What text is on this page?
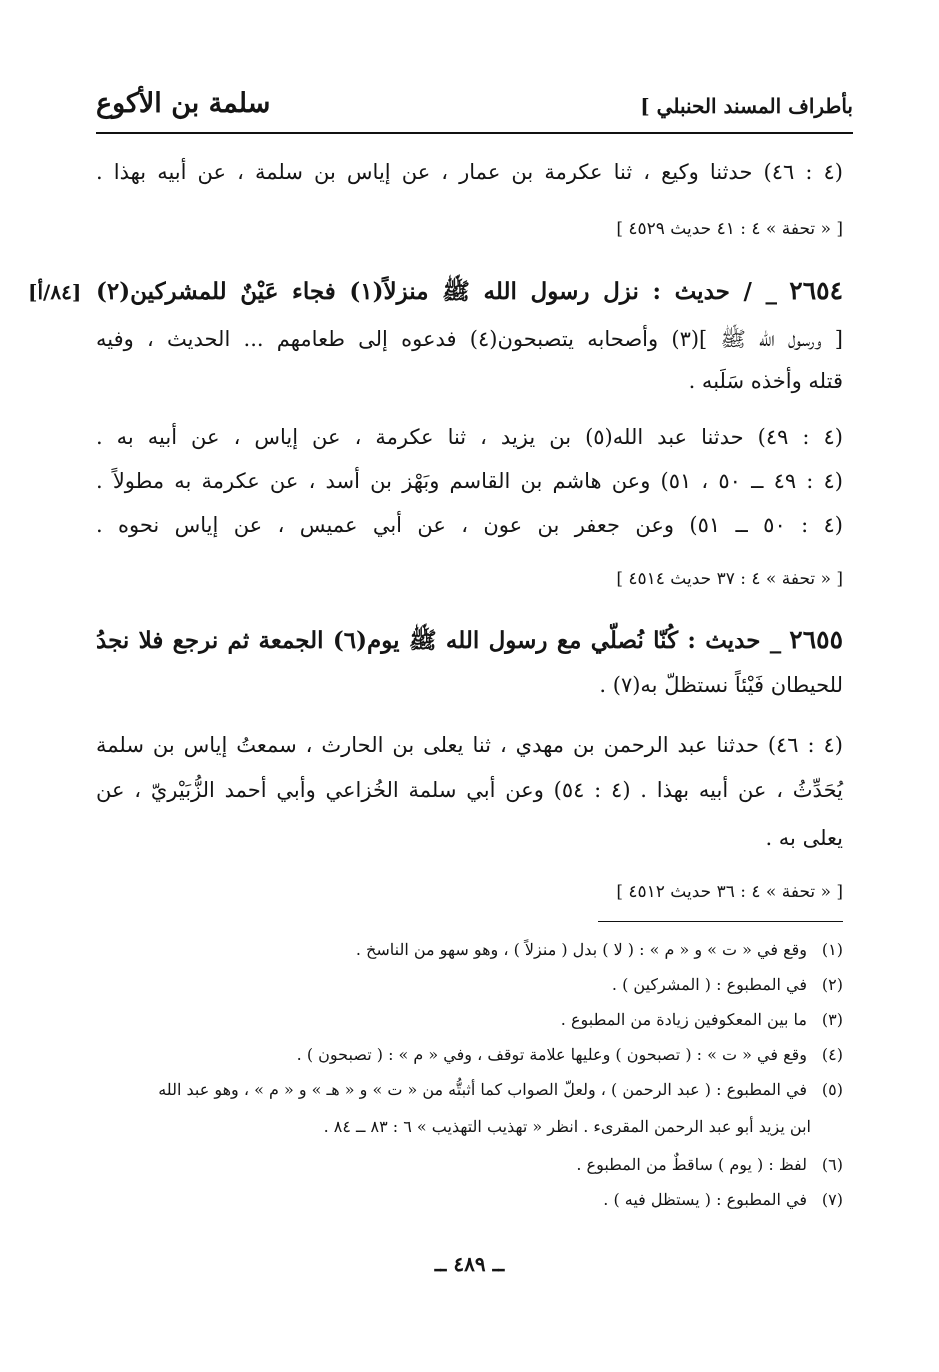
بأطراف المسند الحنبلي ]
سلمة بن الأكوع
(٤ : ٤٦) حدثنا وكيع ، ثنا عكرمة بن عمار ، عن إياس بن سلمة ، عن أبيه بهذا .
[ « تحفة » ٤ : ٤١ حديث ٤٥٢٩ ]
٢٦٥٤ _ / حديث : نزل رسول الله ﷺ منزلاً(١) فجاء عَيْنٌ للمشركين(٢)
[٨٤/أ]
[ ورسول الله ﷺ ](٣) وأصحابه يتصبحون(٤) فدعوه إلى طعامهم ... الحديث ، وفيه
قتله وأخذه سَلَبه .
(٤ : ٤٩) حدثنا عبد الله(٥) بن يزيد ، ثنا عكرمة ، عن إياس ، عن أبيه به .
(٤ : ٤٩ ــ ٥٠ ، ٥١) وعن هاشم بن القاسم وبَهْز بن أسد ، عن عكرمة به مطولاً .
(٤ : ٥٠ ــ ٥١) وعن جعفر بن عون ، عن أبي عميس ، عن إياس نحوه .
[ « تحفة » ٤ : ٣٧ حديث ٤٥١٤ ]
٢٦٥٥ _ حديث : كُنّا نُصلّي مع رسول الله ﷺ يوم(٦) الجمعة ثم نرجع فلا نجدُ
للحيطان فَيْئاً نستظلّ به(٧) .
(٤ : ٤٦) حدثنا عبد الرحمن بن مهدي ، ثنا يعلى بن الحارث ، سمعتُ إياس بن سلمة
يُحَدِّثُ ، عن أبيه بهذا . (٤ : ٥٤) وعن أبي سلمة الخُزاعي وأبي أحمد الزُّبَيْريّ ، عن
يعلى به .
[ « تحفة » ٤ : ٣٦ حديث ٤٥١٢ ]
(١)وقع في « ت » و « م » : ( لا ) بدل ( منزلاً ) ، وهو سهو من الناسخ .
(٢)في المطبوع : ( المشركين ) .
(٣)ما بين المعكوفين زيادة من المطبوع .
(٤)وقع في « ت » : ( تصبحون ) وعليها علامة توقف ، وفي « م » : ( تصبحون ) .
(٥)في المطبوع : ( عبد الرحمن ) ، ولعلّ الصواب كما أثبتُّه من « ت » و « هـ » و « م » ، وهو عبد الله
ابن يزيد أبو عبد الرحمن المقرىء . انظر « تهذيب التهذيب » ٦ : ٨٣ ــ ٨٤ .
(٦)لفظ : ( يوم ) ساقطٌ من المطبوع .
(٧)في المطبوع : ( يستظل فيه ) .
ــ ٤٨٩ ــ
